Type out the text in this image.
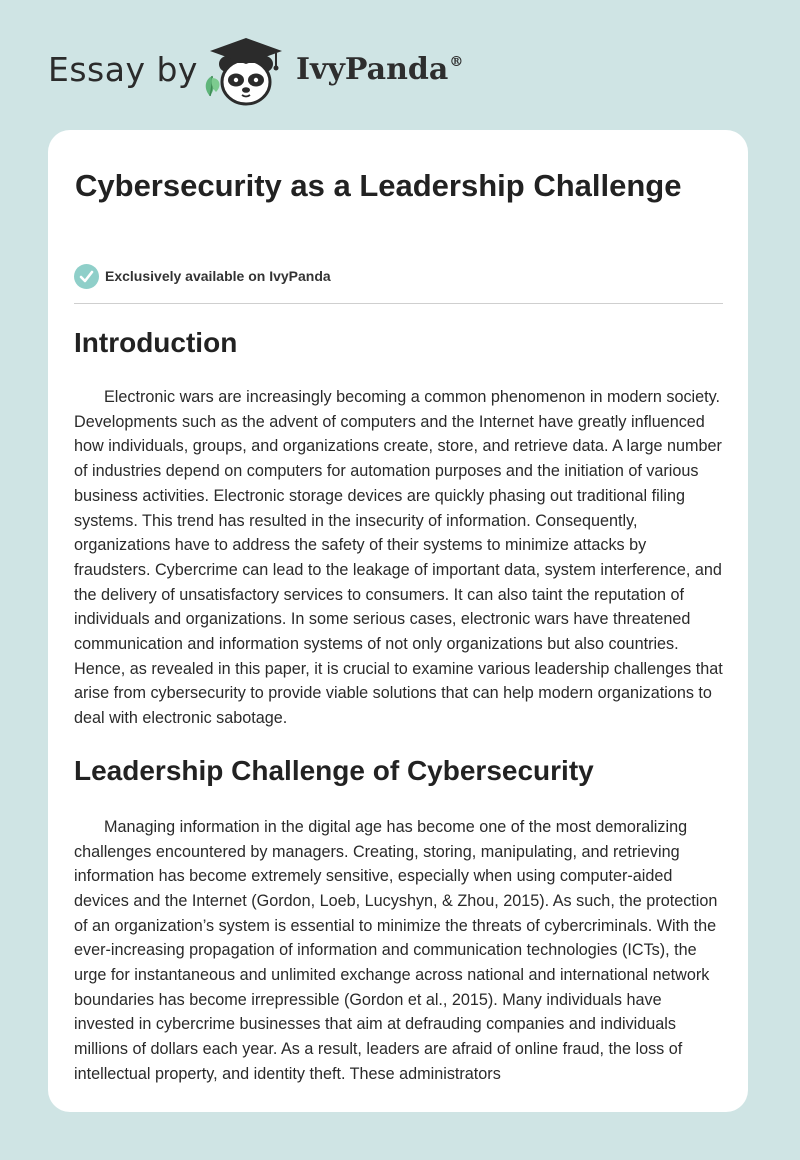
Essay by	IvyPanda®
Cybersecurity as a Leadership Challenge
Exclusively available on IvyPanda
Introduction

Electronic wars are increasingly becoming a common phenomenon in modern society. Developments such as the advent of computers and the Internet have greatly influenced how individuals, groups, and organizations create, store, and retrieve data. A large number of industries depend on computers for automation purposes and the initiation of various business activities. Electronic storage devices are quickly phasing out traditional filing systems. This trend has resulted in the insecurity of information. Consequently, organizations have to address the safety of their systems to minimize attacks by fraudsters. Cybercrime can lead to the leakage of important data, system interference, and the delivery of unsatisfactory services to consumers. It can also taint the reputation of individuals and organizations. In some serious cases, electronic wars have threatened communication and information systems of not only organizations but also countries. Hence, as revealed in this paper, it is crucial to examine various leadership challenges that arise from cybersecurity to provide viable solutions that can help modern organizations to deal with electronic sabotage.

Leadership Challenge of Cybersecurity

Managing information in the digital age has become one of the most demoralizing challenges encountered by managers. Creating, storing, manipulating, and retrieving information has become extremely sensitive, especially when using computer-aided devices and the Internet (Gordon, Loeb, Lucyshyn, & Zhou, 2015). As such, the protection of an organization’s system is essential to minimize the threats of cybercriminals. With the ever-increasing propagation of information and communication technologies (ICTs), the urge for instantaneous and unlimited exchange across national and international network boundaries has become irrepressible (Gordon et al., 2015). Many individuals have invested in cybercrime businesses that aim at defrauding companies and individuals millions of dollars each year. As a result, leaders are afraid of online fraud, the loss of intellectual property, and identity theft. These administrators
